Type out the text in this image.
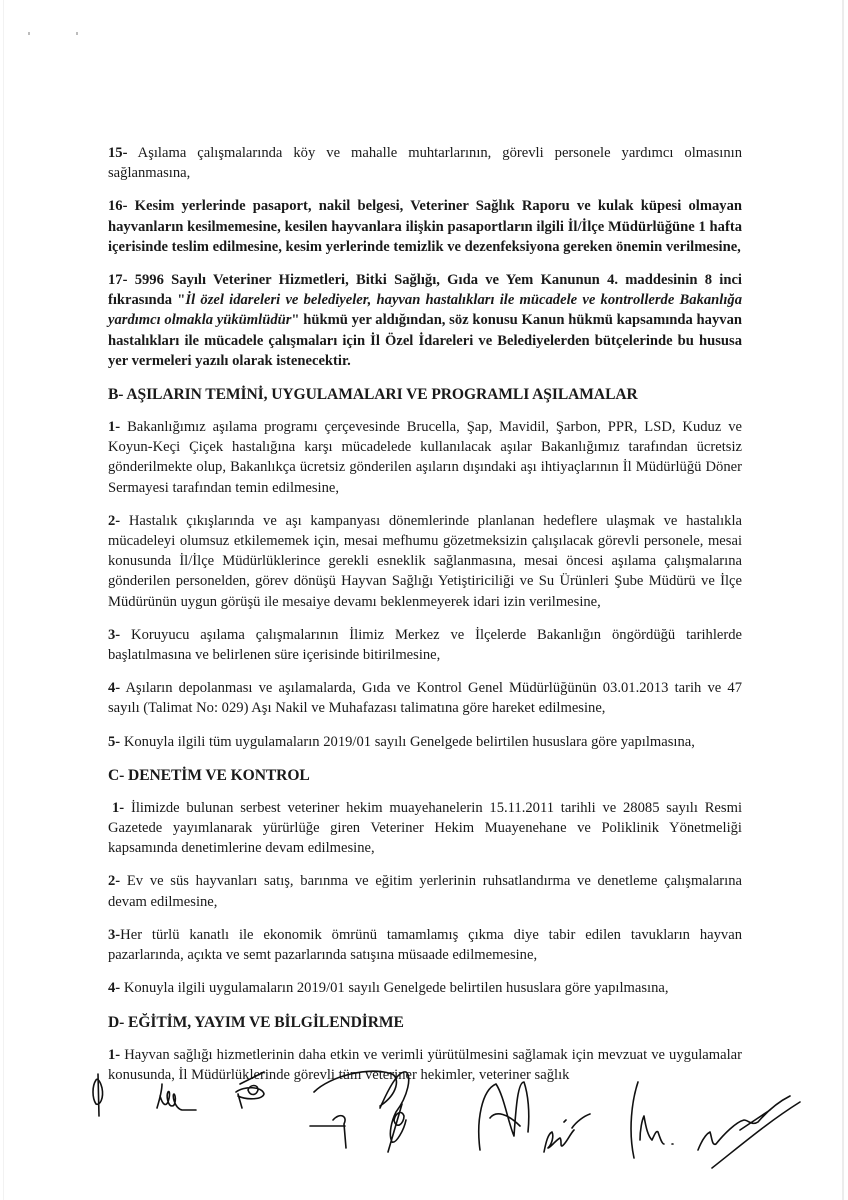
15- Aşılama çalışmalarında köy ve mahalle muhtarlarının, görevli personele yardımcı olmasının sağlanmasına,

16- Kesim yerlerinde pasaport, nakil belgesi, Veteriner Sağlık Raporu ve kulak küpesi olmayan hayvanların kesilmemesine, kesilen hayvanlara ilişkin pasaportların ilgili İl/İlçe Müdürlüğüne 1 hafta içerisinde teslim edilmesine, kesim yerlerinde temizlik ve dezenfeksiyona gereken önemin verilmesine,

17- 5996 Sayılı Veteriner Hizmetleri, Bitki Sağlığı, Gıda ve Yem Kanunun 4. maddesinin 8 inci fıkrasında "İl özel idareleri ve belediyeler, hayvan hastalıkları ile mücadele ve kontrollerde Bakanlığa yardımcı olmakla yükümlüdür" hükmü yer aldığından, söz konusu Kanun hükmü kapsamında hayvan hastalıkları ile mücadele çalışmaları için İl Özel İdareleri ve Belediyelerden bütçelerinde bu hususa yer vermeleri yazılı olarak istenecektir.

B- AŞILARIN TEMİNİ, UYGULAMALARI VE PROGRAMLI AŞILAMALAR

1- Bakanlığımız aşılama programı çerçevesinde Brucella, Şap, Mavidil, Şarbon, PPR, LSD, Kuduz ve Koyun-Keçi Çiçek hastalığına karşı mücadelede kullanılacak aşılar Bakanlığımız tarafından ücretsiz gönderilmekte olup, Bakanlıkça ücretsiz gönderilen aşıların dışındaki aşı ihtiyaçlarının İl Müdürlüğü Döner Sermayesi tarafından temin edilmesine,

2- Hastalık çıkışlarında ve aşı kampanyası dönemlerinde planlanan hedeflere ulaşmak ve hastalıkla mücadeleyi olumsuz etkilememek için, mesai mefhumu gözetmeksizin çalışılacak görevli personele, mesai konusunda İl/İlçe Müdürlüklerince gerekli esneklik sağlanmasına, mesai öncesi aşılama çalışmalarına gönderilen personelden, görev dönüşü Hayvan Sağlığı Yetiştiriciliği ve Su Ürünleri Şube Müdürü ve İlçe Müdürünün uygun görüşü ile mesaiye devamı beklenmeyerek idari izin verilmesine,

3- Koruyucu aşılama çalışmalarının İlimiz Merkez ve İlçelerde Bakanlığın öngördüğü tarihlerde başlatılmasına ve belirlenen süre içerisinde bitirilmesine,

4- Aşıların depolanması ve aşılamalarda, Gıda ve Kontrol Genel Müdürlüğünün 03.01.2013 tarih ve 47 sayılı (Talimat No: 029) Aşı Nakil ve Muhafazası talimatına göre hareket edilmesine,

5- Konuyla ilgili tüm uygulamaların 2019/01 sayılı Genelgede belirtilen hususlara göre yapılmasına,

C- DENETİM VE KONTROL

1- İlimizde bulunan serbest veteriner hekim muayehanelerin 15.11.2011 tarihli ve 28085 sayılı Resmi Gazetede yayımlanarak yürürlüğe giren Veteriner Hekim Muayenehane ve Poliklinik Yönetmeliği kapsamında denetimlerine devam edilmesine,

2- Ev ve süs hayvanları satış, barınma ve eğitim yerlerinin ruhsatlandırma ve denetleme çalışmalarına devam edilmesine,

3-Her türlü kanatlı ile ekonomik ömrünü tamamlamış çıkma diye tabir edilen tavukların hayvan pazarlarında, açıkta ve semt pazarlarında satışına müsaade edilmemesine,

4- Konuyla ilgili uygulamaların 2019/01 sayılı Genelgede belirtilen hususlara göre yapılmasına,

D- EĞİTİM, YAYIM VE BİLGİLENDİRME

1- Hayvan sağlığı hizmetlerinin daha etkin ve verimli yürütülmesini sağlamak için mevzuat ve uygulamalar konusunda, İl Müdürlüklerinde görevli tüm veteriner hekimler, veteriner sağlık
